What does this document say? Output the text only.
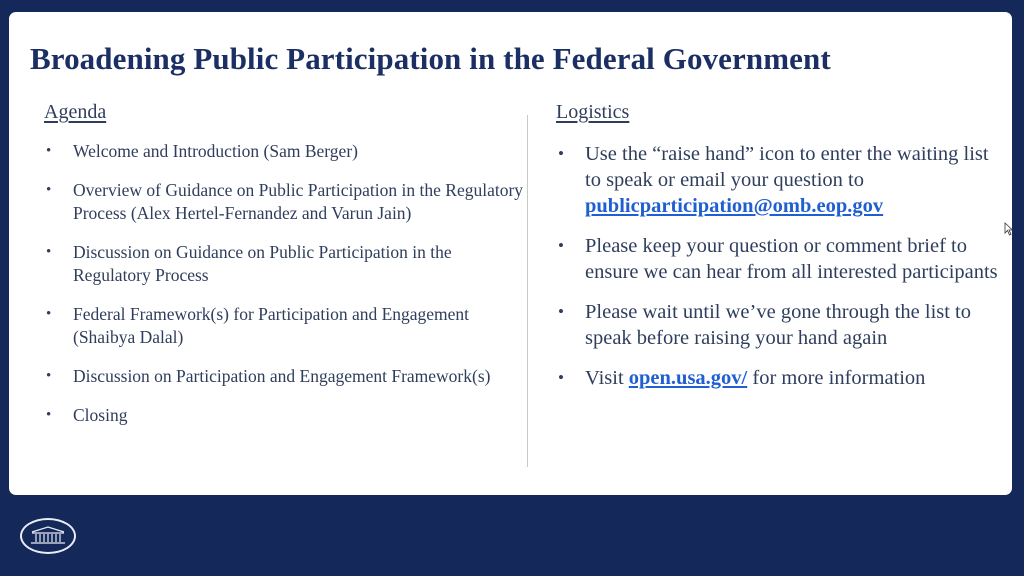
Broadening Public Participation in the Federal Government

Agenda

• Welcome and Introduction (Sam Berger)
• Overview of Guidance on Public Participation in the Regulatory Process (Alex Hertel-Fernandez and Varun Jain)
• Discussion on Guidance on Public Participation in the Regulatory Process
• Federal Framework(s) for Participation and Engagement (Shaibya Dalal)
• Discussion on Participation and Engagement Framework(s)
• Closing

Logistics

• Use the “raise hand” icon to enter the waiting list to speak or email your question to publicparticipation@omb.eop.gov
• Please keep your question or comment brief to ensure we can hear from all interested participants
• Please wait until we’ve gone through the list to speak before raising your hand again
• Visit open.usa.gov/ for more information
